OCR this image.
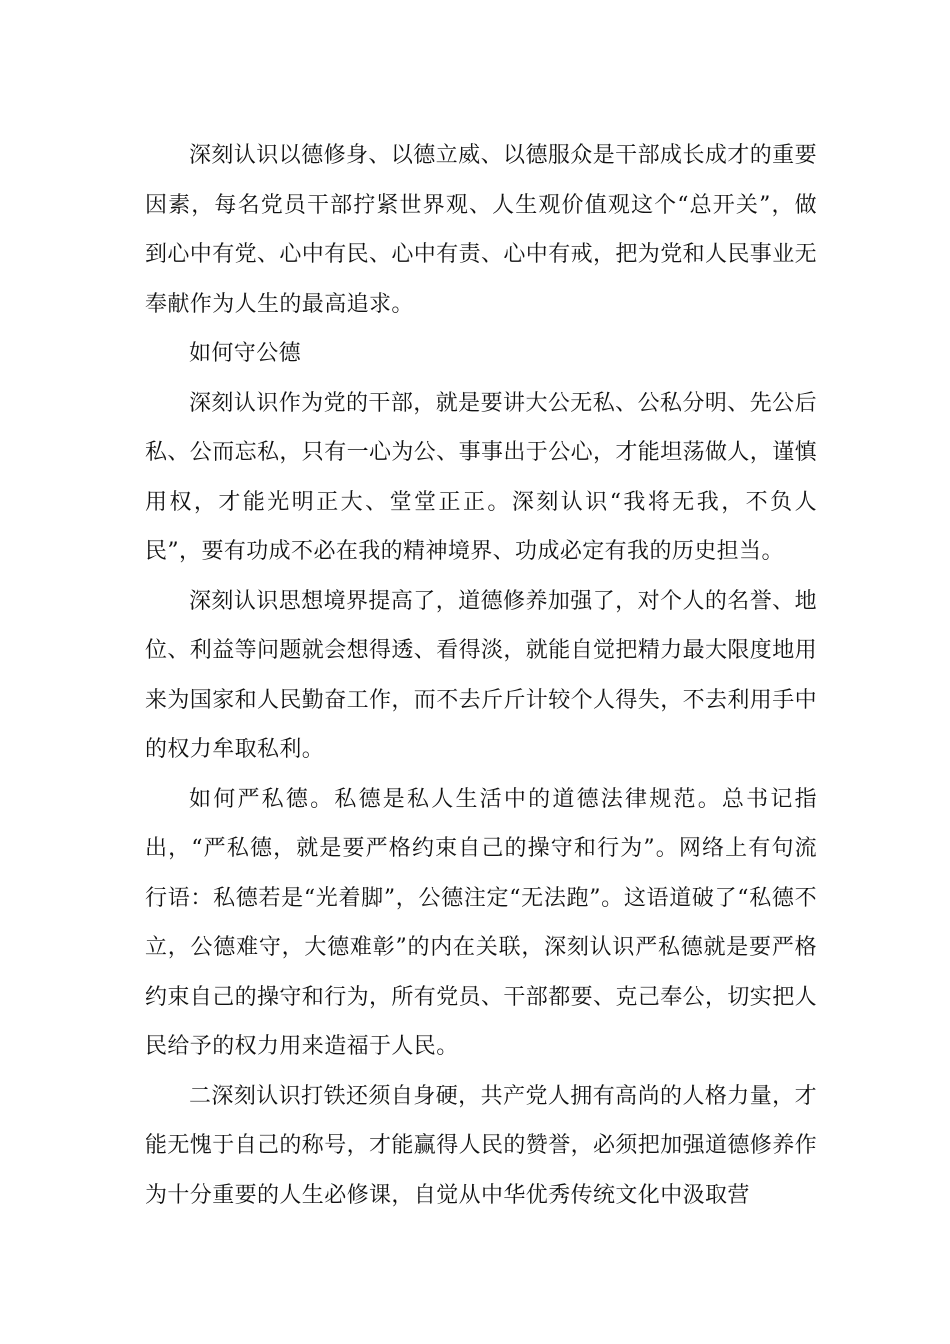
深刻认识以德修身、以德立威、以德服众是干部成长成才的重要因素，每名党员干部拧紧世界观、人生观价值观这个“总开关”，做到心中有党、心中有民、心中有责、心中有戒，把为党和人民事业无奉献作为人生的最高追求。

如何守公德

深刻认识作为党的干部，就是要讲大公无私、公私分明、先公后私、公而忘私，只有一心为公、事事出于公心，才能坦荡做人，谨慎用权，才能光明正大、堂堂正正。深刻认识“我将无我，不负人民”，要有功成不必在我的精神境界、功成必定有我的历史担当。

深刻认识思想境界提高了，道德修养加强了，对个人的名誉、地位、利益等问题就会想得透、看得淡，就能自觉把精力最大限度地用来为国家和人民勤奋工作，而不去斤斤计较个人得失，不去利用手中的权力牟取私利。

如何严私德。私德是私人生活中的道德法律规范。总书记指出，“严私德，就是要严格约束自己的操守和行为”。网络上有句流行语：私德若是“光着脚”，公德注定“无法跑”。这语道破了“私德不立，公德难守，大德难彰”的内在关联，深刻认识严私德就是要严格约束自己的操守和行为，所有党员、干部都要、克己奉公，切实把人民给予的权力用来造福于人民。

二深刻认识打铁还须自身硬，共产党人拥有高尚的人格力量，才能无愧于自己的称号，才能赢得人民的赞誉，必须把加强道德修养作为十分重要的人生必修课，自觉从中华优秀传统文化中汲取营
